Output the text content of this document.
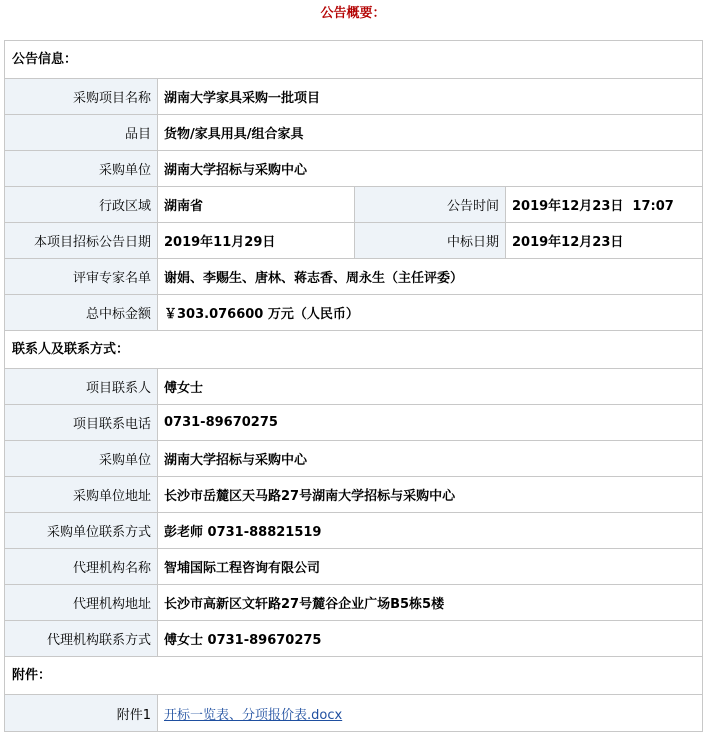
公告概要：
公告信息：
采购项目名称	湖南大学家具采购一批项目
品目	货物/家具用具/组合家具
采购单位	湖南大学招标与采购中心
行政区域	湖南省	公告时间	2019年12月23日  17:07
本项目招标公告日期	2019年11月29日	中标日期	2019年12月23日
评审专家名单	谢娟、李赐生、唐林、蒋志香、周永生（主任评委）
总中标金额	￥303.076600 万元（人民币）
联系人及联系方式：
项目联系人	傅女士
项目联系电话	0731-89670275
采购单位	湖南大学招标与采购中心
采购单位地址	长沙市岳麓区天马路27号湖南大学招标与采购中心
采购单位联系方式	彭老师 0731-88821519
代理机构名称	智埔国际工程咨询有限公司
代理机构地址	长沙市高新区文轩路27号麓谷企业广场B5栋5楼
代理机构联系方式	傅女士 0731-89670275
附件：
附件1	开标一览表、分项报价表.docx
